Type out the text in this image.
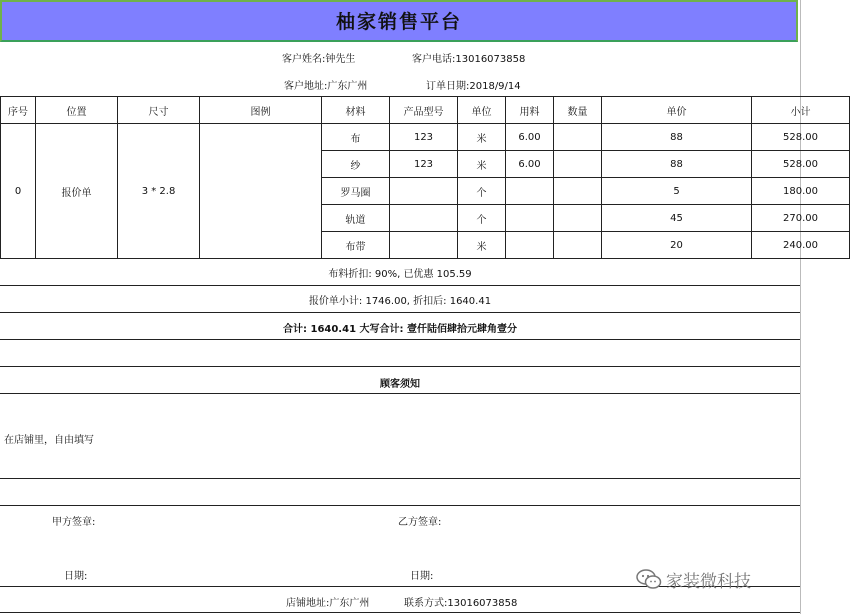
柚家销售平台
客户姓名:钟先生	客户电话:13016073858
客户地址:广东广州	订单日期:2018/9/14
序号	位置	尺寸	图例	材料	产品型号	单位	用料	数量	单价	小计
0	报价单	3 * 2.8		布	123	米	6.00		88	528.00
				纱	123	米	6.00		88	528.00
				罗马圈		个			5	180.00
				轨道		个			45	270.00
				布带		米			20	240.00
布料折扣: 90%, 已优惠 105.59
报价单小计: 1746.00, 折扣后: 1640.41
合计: 1640.41 大写合计: 壹仟陆佰肆拾元肆角壹分
顾客须知
在店铺里，自由填写
甲方签章:	乙方签章:
日期:	日期:
店铺地址:广东广州	联系方式:13016073858
家装微科技
